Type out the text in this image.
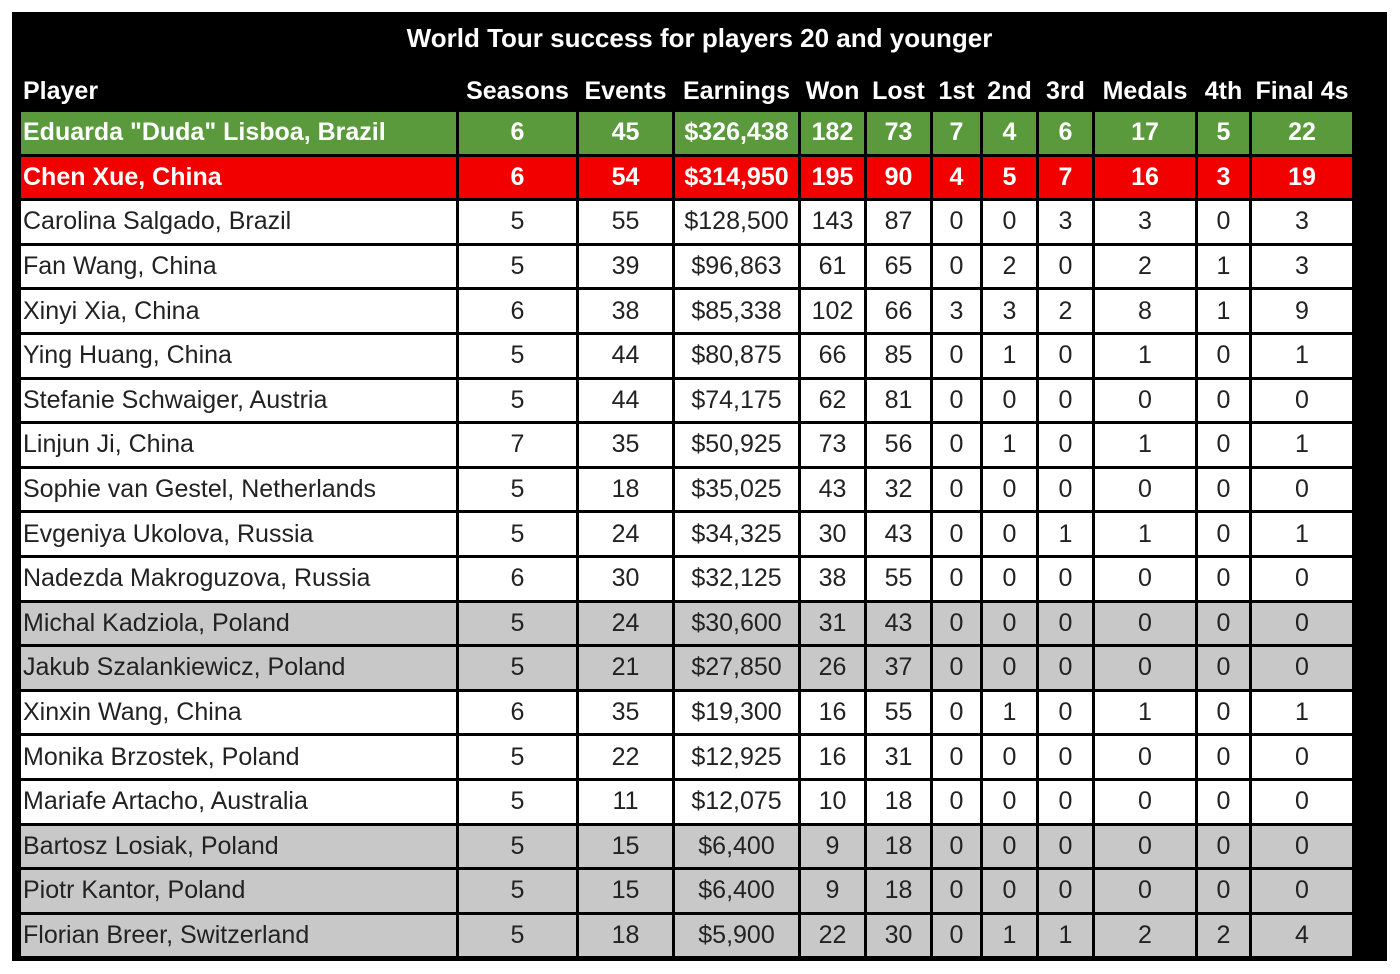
World Tour success for players 20 and younger
Player	Seasons	Events	Earnings	Won	Lost	1st	2nd	3rd	Medals	4th	Final 4s
Eduarda "Duda" Lisboa, Brazil	6	45	$326,438	182	73	7	4	6	17	5	22
Chen Xue, China	6	54	$314,950	195	90	4	5	7	16	3	19
Carolina Salgado, Brazil	5	55	$128,500	143	87	0	0	3	3	0	3
Fan Wang, China	5	39	$96,863	61	65	0	2	0	2	1	3
Xinyi Xia, China	6	38	$85,338	102	66	3	3	2	8	1	9
Ying Huang, China	5	44	$80,875	66	85	0	1	0	1	0	1
Stefanie Schwaiger, Austria	5	44	$74,175	62	81	0	0	0	0	0	0
Linjun Ji, China	7	35	$50,925	73	56	0	1	0	1	0	1
Sophie van Gestel, Netherlands	5	18	$35,025	43	32	0	0	0	0	0	0
Evgeniya Ukolova, Russia	5	24	$34,325	30	43	0	0	1	1	0	1
Nadezda Makroguzova, Russia	6	30	$32,125	38	55	0	0	0	0	0	0
Michal Kadziola, Poland	5	24	$30,600	31	43	0	0	0	0	0	0
Jakub Szalankiewicz, Poland	5	21	$27,850	26	37	0	0	0	0	0	0
Xinxin Wang, China	6	35	$19,300	16	55	0	1	0	1	0	1
Monika Brzostek, Poland	5	22	$12,925	16	31	0	0	0	0	0	0
Mariafe Artacho, Australia	5	11	$12,075	10	18	0	0	0	0	0	0
Bartosz Losiak, Poland	5	15	$6,400	9	18	0	0	0	0	0	0
Piotr Kantor, Poland	5	15	$6,400	9	18	0	0	0	0	0	0
Florian Breer, Switzerland	5	18	$5,900	22	30	0	1	1	2	2	4
